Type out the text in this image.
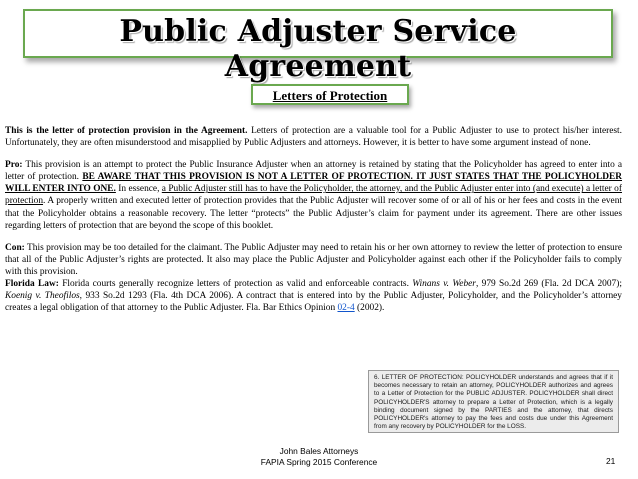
Public Adjuster Service Agreement
Letters of Protection

This is the letter of protection provision in the Agreement. Letters of protection are a valuable tool for a Public Adjuster to use to protect his/her interest. Unfortunately, they are often misunderstood and misapplied by Public Adjusters and attorneys. However, it is better to have some argument instead of none.

Pro: This provision is an attempt to protect the Public Insurance Adjuster when an attorney is retained by stating that the Policyholder has agreed to enter into a letter of protection. BE AWARE THAT THIS PROVISION IS NOT A LETTER OF PROTECTION. IT JUST STATES THAT THE POLICYHOLDER WILL ENTER INTO ONE. In essence, a Public Adjuster still has to have the Policyholder, the attorney, and the Public Adjuster enter into (and execute) a letter of protection. A properly written and executed letter of protection provides that the Public Adjuster will recover some of or all of his or her fees and costs in the event that the Policyholder obtains a reasonable recovery. The letter “protects” the Public Adjuster’s claim for payment under its agreement. There are other issues regarding letters of protection that are beyond the scope of this booklet.

Con: This provision may be too detailed for the claimant. The Public Adjuster may need to retain his or her own attorney to review the letter of protection to ensure that all of the Public Adjuster’s rights are protected. It also may place the Public Adjuster and Policyholder against each other if the Policyholder fails to comply with this provision.

Florida Law: Florida courts generally recognize letters of protection as valid and enforceable contracts. Winans v. Weber, 979 So.2d 269 (Fla. 2d DCA 2007); Koenig v. Theofilos, 933 So.2d 1293 (Fla. 4th DCA 2006). A contract that is entered into by the Public Adjuster, Policyholder, and the Policyholder’s attorney creates a legal obligation of that attorney to the Public Adjuster. Fla. Bar Ethics Opinion 02-4 (2002).

6. LETTER OF PROTECTION: POLICYHOLDER understands and agrees that if it becomes necessary to retain an attorney, POLICYHOLDER authorizes and agrees to a Letter of Protection for the PUBLIC ADJUSTER. POLICYHOLDER shall direct POLICYHOLDER'S attorney to prepare a Letter of Protection, which is a legally binding document signed by the PARTIES and the attorney, that directs POLICYHOLDER's attorney to pay the fees and costs due under this Agreement from any recovery by POLICYHOLDER for the LOSS.
John Bales Attorneys
FAPIA Spring 2015 Conference	21
